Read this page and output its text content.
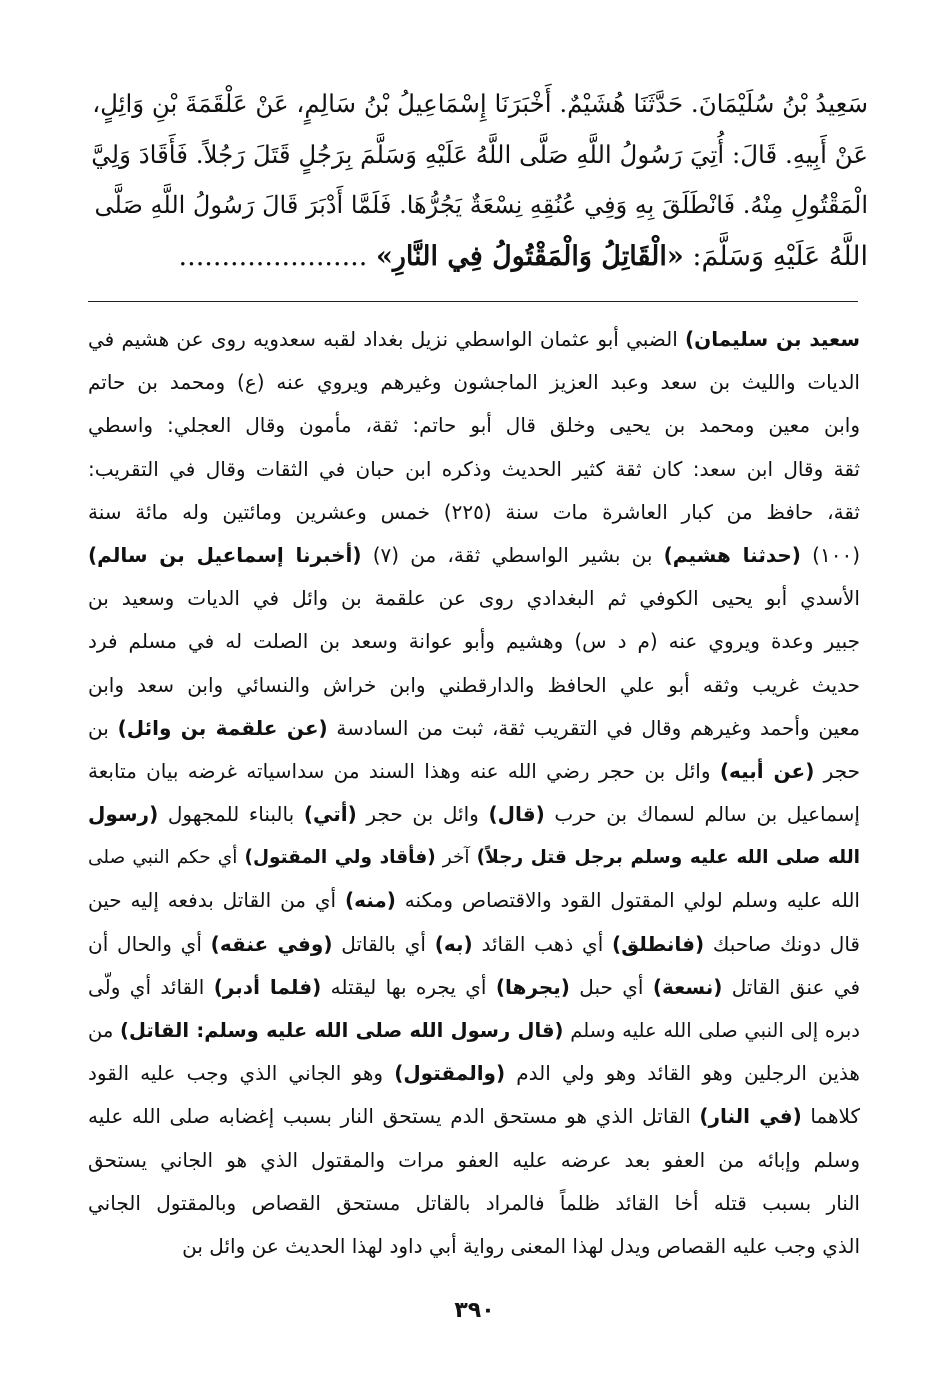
سَعِيدُ بْنُ سُلَيْمَانَ. حَدَّثَنَا هُشَيْمٌ. أَخْبَرَنَا إِسْمَاعِيلُ بْنُ سَالِمٍ، عَنْ عَلْقَمَةَ بْنِ وَائِلٍ،
عَنْ أَبِيهِ. قَالَ: أُتِيَ رَسُولُ اللَّهِ صَلَّى اللَّهُ عَلَيْهِ وَسَلَّمَ بِرَجُلٍ قَتَلَ رَجُلاً. فَأَقَادَ وَلِيَّ
الْمَقْتُولِ مِنْهُ. فَانْطَلَقَ بِهِ وَفِي عُنُقِهِ نِسْعَةٌ يَجُرُّهَا. فَلَمَّا أَدْبَرَ قَالَ رَسُولُ اللَّهِ صَلَّى
اللَّهُ عَلَيْهِ وَسَلَّمَ: «الْقَاتِلُ وَالْمَقْتُولُ فِي النَّارِ» ......................
سعيد بن سليمان) الضبي أبو عثمان الواسطي نزيل بغداد لقبه سعدويه روى عن هشيم في
الديات والليث بن سعد وعبد العزيز الماجشون وغيرهم ويروي عنه (ع) ومحمد بن حاتم
وابن معين ومحمد بن يحيى وخلق قال أبو حاتم: ثقة، مأمون وقال العجلي: واسطي
ثقة وقال ابن سعد: كان ثقة كثير الحديث وذكره ابن حبان في الثقات وقال في التقريب:
ثقة، حافظ من كبار العاشرة مات سنة (٢٢٥) خمس وعشرين ومائتين وله مائة سنة
(١٠٠) (حدثنا هشيم) بن بشير الواسطي ثقة، من (٧) (أخبرنا إسماعيل بن سالم)
الأسدي أبو يحيى الكوفي ثم البغدادي روى عن علقمة بن وائل في الديات وسعيد بن
جبير وعدة ويروي عنه (م د س) وهشيم وأبو عوانة وسعد بن الصلت له في مسلم فرد
حديث غريب وثقه أبو علي الحافظ والدارقطني وابن خراش والنسائي وابن سعد وابن
معين وأحمد وغيرهم وقال في التقريب ثقة، ثبت من السادسة (عن علقمة بن وائل) بن
حجر (عن أبيه) وائل بن حجر رضي الله عنه وهذا السند من سداسياته غرضه بيان متابعة
إسماعيل بن سالم لسماك بن حرب (قال) وائل بن حجر (أتي) بالبناء للمجهول (رسول
الله صلى الله عليه وسلم برجل قتل رجلاً) آخر (فأقاد ولي المقتول) أي حكم النبي صلى
الله عليه وسلم لولي المقتول القود والاقتصاص ومكنه (منه) أي من القاتل بدفعه إليه حين
قال دونك صاحبك (فانطلق) أي ذهب القائد (به) أي بالقاتل (وفي عنقه) أي والحال أن
في عنق القاتل (نسعة) أي حبل (يجرها) أي يجره بها ليقتله (فلما أدبر) القائد أي ولّى
دبره إلى النبي صلى الله عليه وسلم (قال رسول الله صلى الله عليه وسلم: القاتل) من
هذين الرجلين وهو القائد وهو ولي الدم (والمقتول) وهو الجاني الذي وجب عليه القود
كلاهما (في النار) القاتل الذي هو مستحق الدم يستحق النار بسبب إغضابه صلى الله عليه
وسلم وإبائه من العفو بعد عرضه عليه العفو مرات والمقتول الذي هو الجاني يستحق
النار بسبب قتله أخا القائد ظلماً فالمراد بالقاتل مستحق القصاص وبالمقتول الجاني
الذي وجب عليه القصاص ويدل لهذا المعنى رواية أبي داود لهذا الحديث عن وائل بن
٣٩٠
